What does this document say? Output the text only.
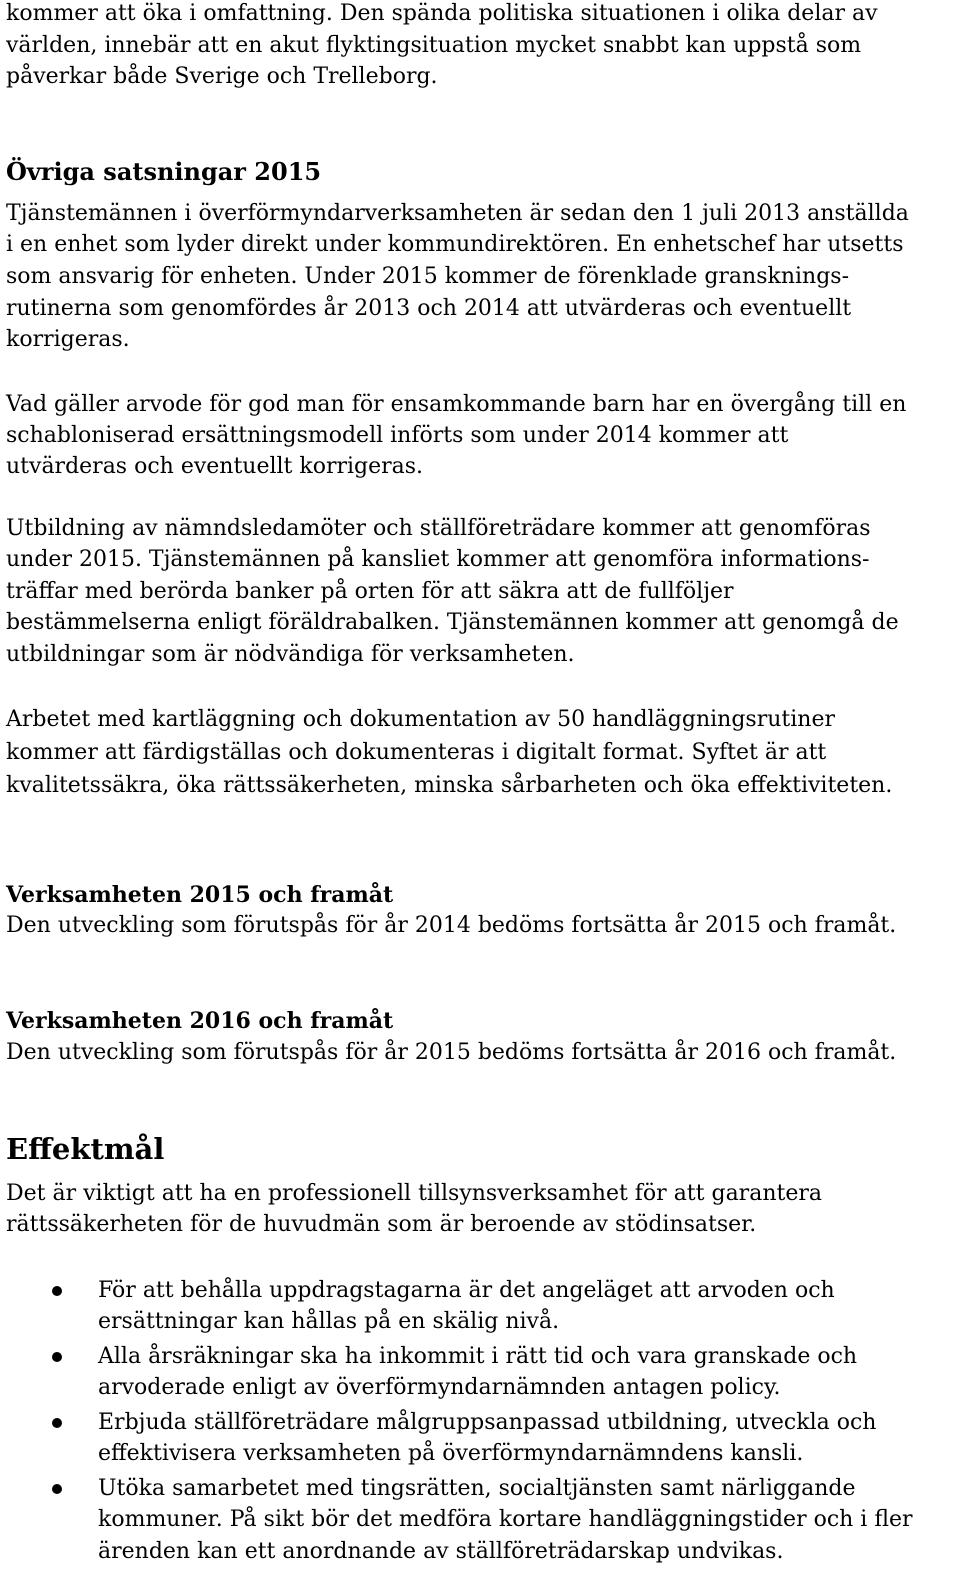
kommer att öka i omfattning. Den spända politiska situationen i olika delar av
världen, innebär att en akut flyktingsituation mycket snabbt kan uppstå som
påverkar både Sverige och Trelleborg.
Övriga satsningar 2015
Tjänstemännen i överförmyndarverksamheten är sedan den 1 juli 2013 anställda
i en enhet som lyder direkt under kommundirektören. En enhetschef har utsetts
som ansvarig för enheten. Under 2015 kommer de förenklade gransknings-
rutinerna som genomfördes år 2013 och 2014 att utvärderas och eventuellt
korrigeras.
Vad gäller arvode för god man för ensamkommande barn har en övergång till en
schabloniserad ersättningsmodell införts som under 2014 kommer att
utvärderas och eventuellt korrigeras.
Utbildning av nämndsledamöter och ställföreträdare kommer att genomföras
under 2015. Tjänstemännen på kansliet kommer att genomföra informations-
träffar med berörda banker på orten för att säkra att de fullföljer
bestämmelserna enligt föräldrabalken. Tjänstemännen kommer att genomgå de
utbildningar som är nödvändiga för verksamheten.
Arbetet med kartläggning och dokumentation av 50 handläggningsrutiner
kommer att färdigställas och dokumenteras i digitalt format. Syftet är att
kvalitetssäkra, öka rättssäkerheten, minska sårbarheten och öka effektiviteten.
Verksamheten 2015 och framåt
Den utveckling som förutspås för år 2014 bedöms fortsätta år 2015 och framåt.
Verksamheten 2016 och framåt
Den utveckling som förutspås för år 2015 bedöms fortsätta år 2016 och framåt.
Effektmål
Det är viktigt att ha en professionell tillsynsverksamhet för att garantera
rättssäkerheten för de huvudmän som är beroende av stödinsatser.
För att behålla uppdragstagarna är det angeläget att arvoden och
ersättningar kan hållas på en skälig nivå.
Alla årsräkningar ska ha inkommit i rätt tid och vara granskade och
arvoderade enligt av överförmyndarnämnden antagen policy.
Erbjuda ställföreträdare målgruppsanpassad utbildning, utveckla och
effektivisera verksamheten på överförmyndarnämndens kansli.
Utöka samarbetet med tingsrätten, socialtjänsten samt närliggande
kommuner. På sikt bör det medföra kortare handläggningstider och i fler
ärenden kan ett anordnande av ställföreträdarskap undvikas.
